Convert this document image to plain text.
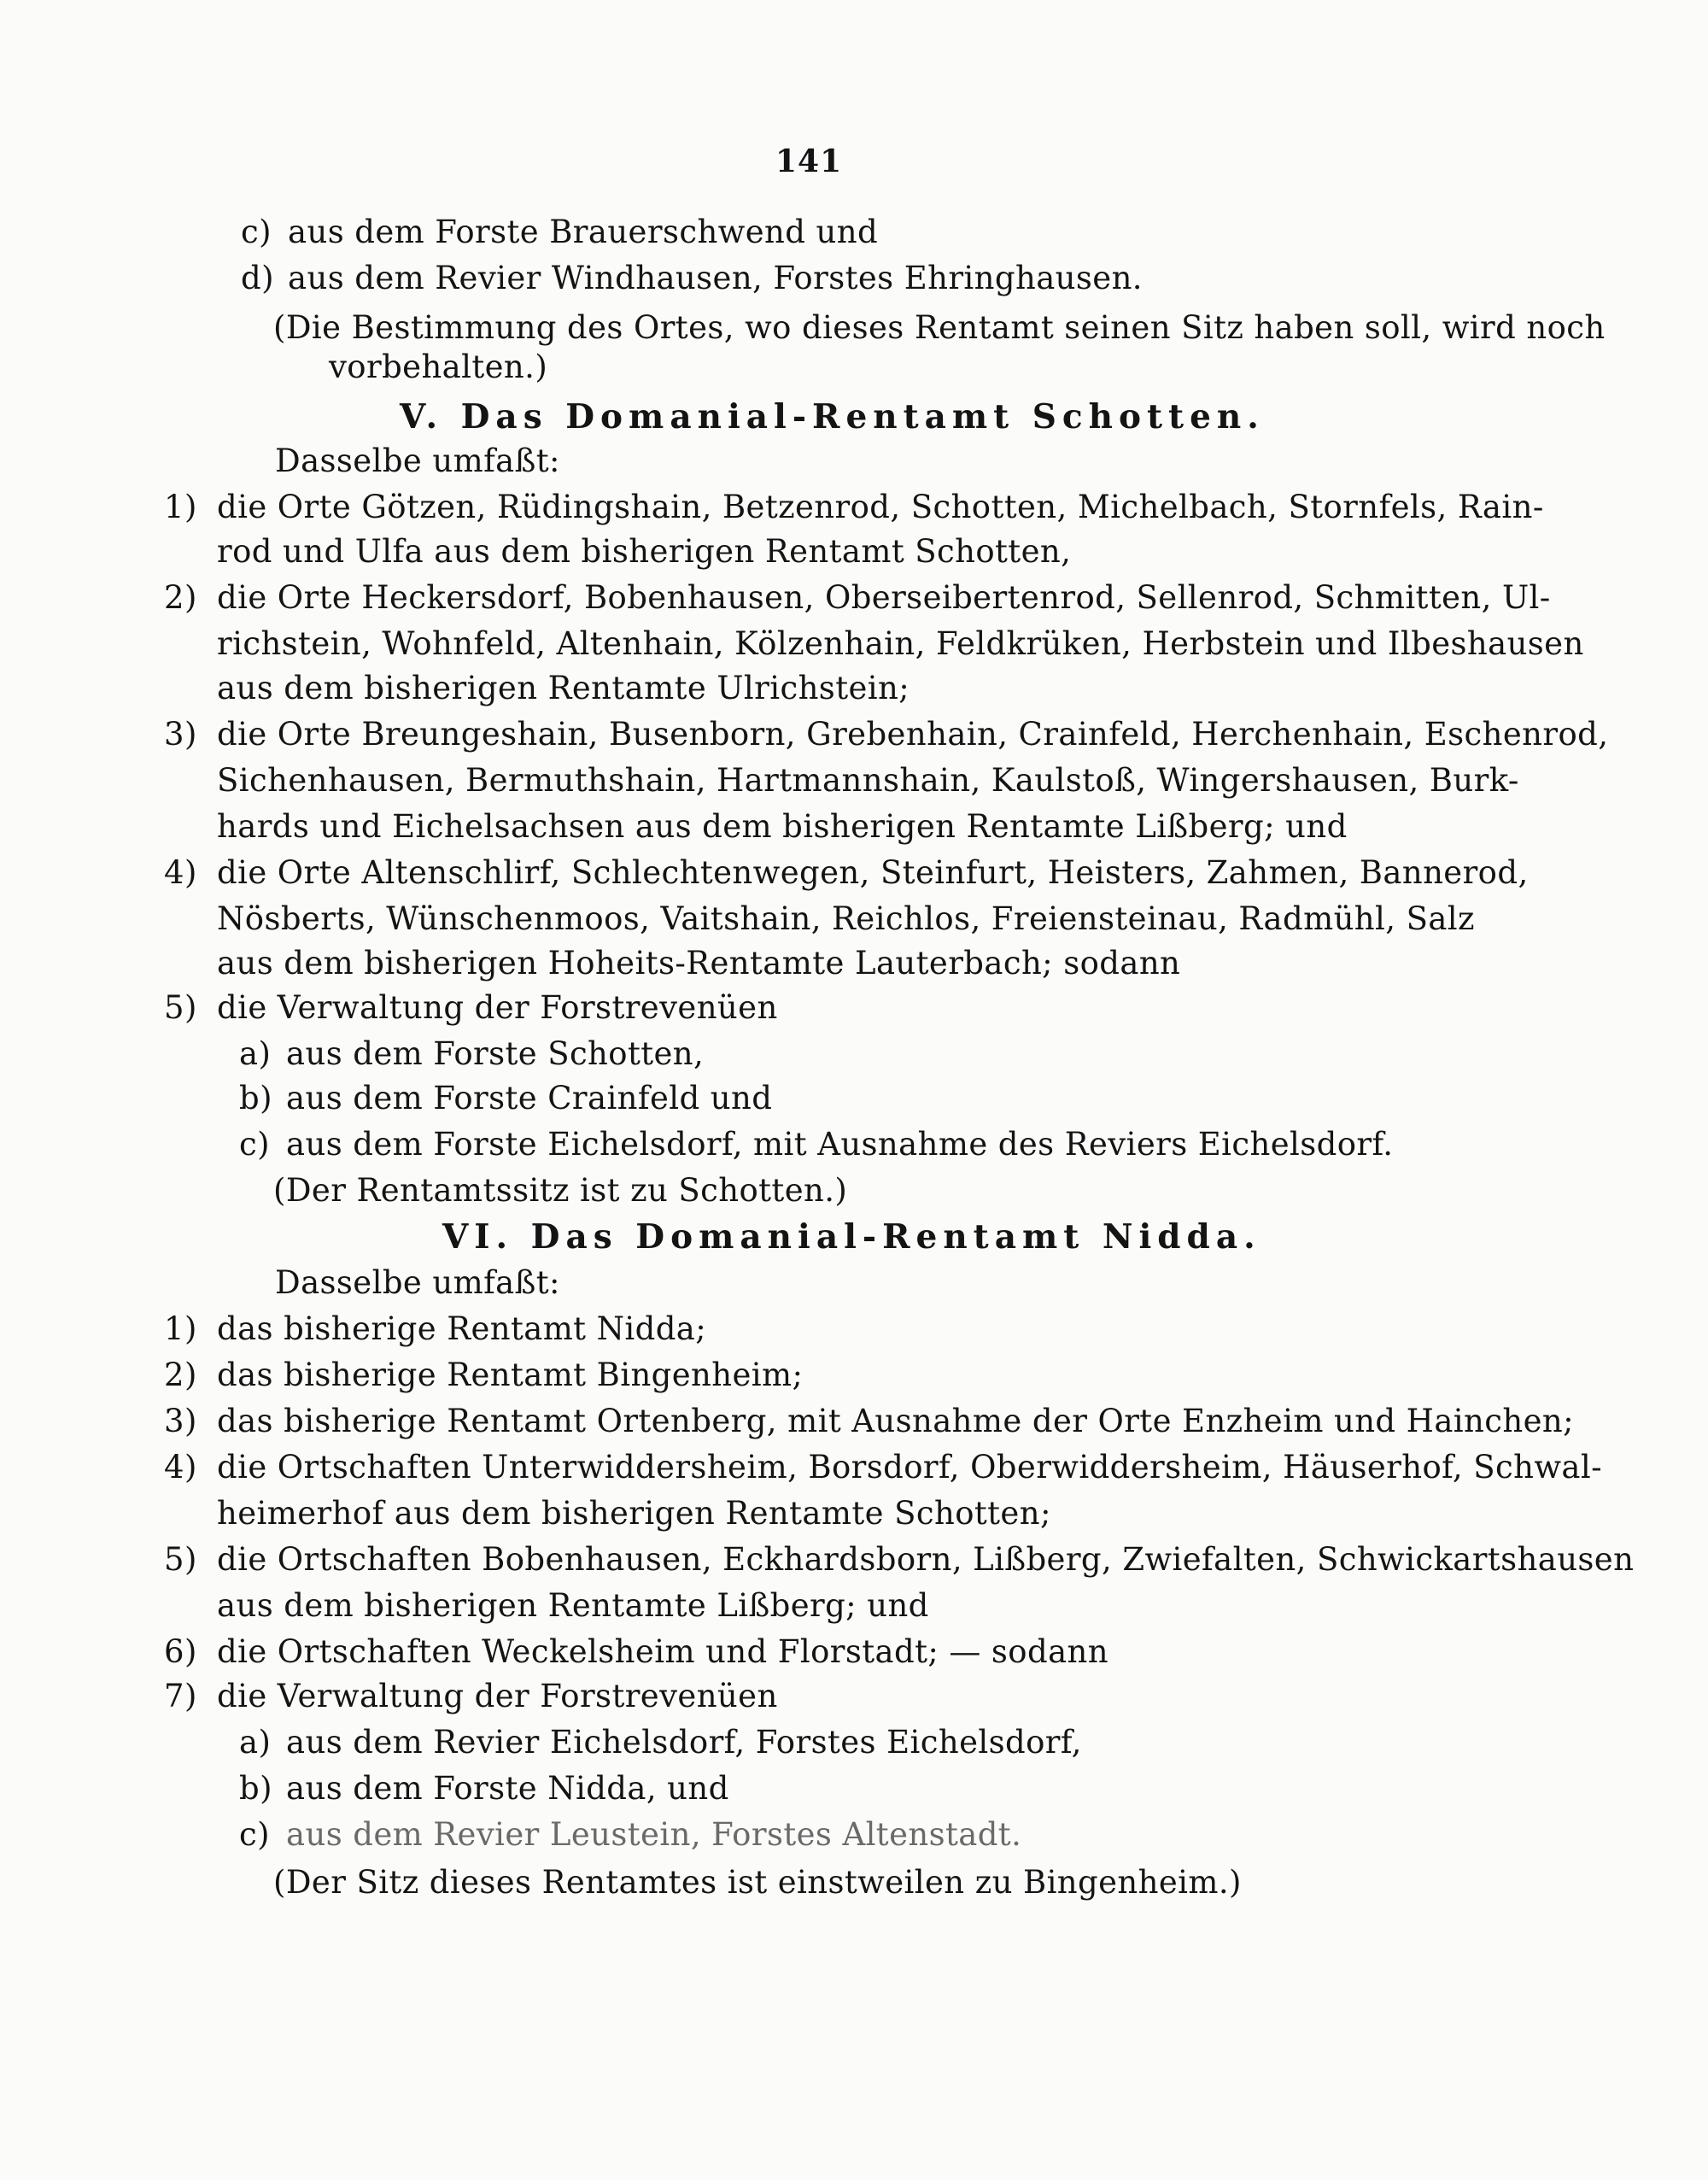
141
c) aus dem Forste Brauerschwend und
d) aus dem Revier Windhausen, Forstes Ehringhausen.
(Die Bestimmung des Ortes, wo dieses Rentamt seinen Sitz haben soll, wird noch
vorbehalten.)
V. Das Domanial-Rentamt Schotten.
Dasselbe umfaßt:
1) die Orte Götzen, Rüdingshain, Betzenrod, Schotten, Michelbach, Stornfels, Rain-
rod und Ulfa aus dem bisherigen Rentamt Schotten,
2) die Orte Heckersdorf, Bobenhausen, Oberseibertenrod, Sellenrod, Schmitten, Ul-
richstein, Wohnfeld, Altenhain, Kölzenhain, Feldkrüken, Herbstein und Ilbeshausen
aus dem bisherigen Rentamte Ulrichstein;
3) die Orte Breungeshain, Busenborn, Grebenhain, Crainfeld, Herchenhain, Eschenrod,
Sichenhausen, Bermuthshain, Hartmannshain, Kaulstoß, Wingershausen, Burk-
hards und Eichelsachsen aus dem bisherigen Rentamte Lißberg; und
4) die Orte Altenschlirf, Schlechtenwegen, Steinfurt, Heisters, Zahmen, Bannerod,
Nösberts, Wünschenmoos, Vaitshain, Reichlos, Freiensteinau, Radmühl, Salz
aus dem bisherigen Hoheits-Rentamte Lauterbach; sodann
5) die Verwaltung der Forstrevenüen
a) aus dem Forste Schotten,
b) aus dem Forste Crainfeld und
c) aus dem Forste Eichelsdorf, mit Ausnahme des Reviers Eichelsdorf.
(Der Rentamtssitz ist zu Schotten.)
VI. Das Domanial-Rentamt Nidda.
Dasselbe umfaßt:
1) das bisherige Rentamt Nidda;
2) das bisherige Rentamt Bingenheim;
3) das bisherige Rentamt Ortenberg, mit Ausnahme der Orte Enzheim und Hainchen;
4) die Ortschaften Unterwiddersheim, Borsdorf, Oberwiddersheim, Häuserhof, Schwal-
heimerhof aus dem bisherigen Rentamte Schotten;
5) die Ortschaften Bobenhausen, Eckhardsborn, Lißberg, Zwiefalten, Schwickartshausen
aus dem bisherigen Rentamte Lißberg; und
6) die Ortschaften Weckelsheim und Florstadt; — sodann
7) die Verwaltung der Forstrevenüen
a) aus dem Revier Eichelsdorf, Forstes Eichelsdorf,
b) aus dem Forste Nidda, und
c) aus dem Revier Leustein, Forstes Altenstadt.
(Der Sitz dieses Rentamtes ist einstweilen zu Bingenheim.)
